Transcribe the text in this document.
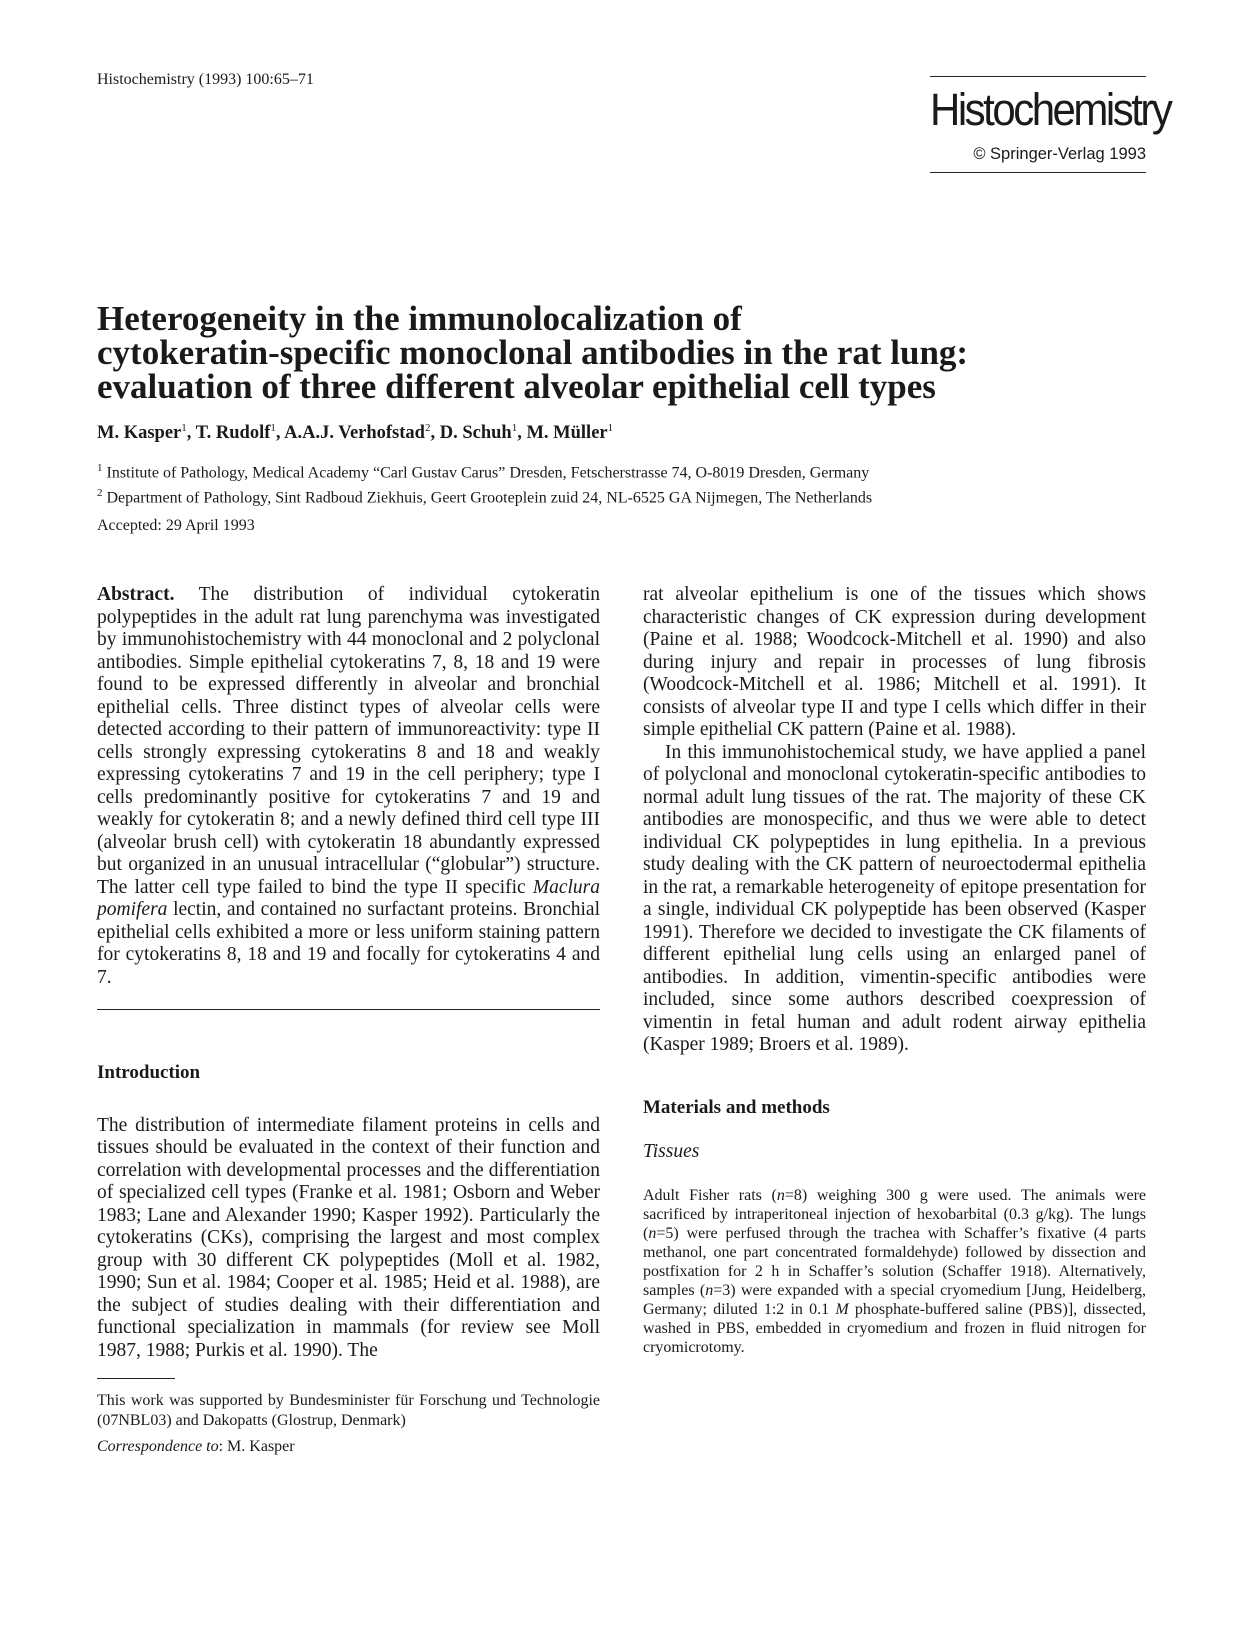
Histochemistry (1993) 100:65–71
Histochemistry
© Springer-Verlag 1993
Heterogeneity in the immunolocalization of
cytokeratin-specific monoclonal antibodies in the rat lung:
evaluation of three different alveolar epithelial cell types
M. Kasper$^1$, T. Rudolf$^1$, A.A.J. Verhofstad$^2$, D. Schuh$^1$, M. Müller$^1$
$^1$ Institute of Pathology, Medical Academy “Carl Gustav Carus” Dresden, Fetscherstrasse 74, O-8019 Dresden, Germany
$^2$ Department of Pathology, Sint Radboud Ziekhuis, Geert Grooteplein zuid 24, NL-6525 GA Nijmegen, The Netherlands
Accepted: 29 April 1993

Abstract. The distribution of individual cytokeratin polypeptides in the adult rat lung parenchyma was investigated by immunohistochemistry with 44 monoclonal and 2 polyclonal antibodies. Simple epithelial cytokeratins 7, 8, 18 and 19 were found to be expressed differently in alveolar and bronchial epithelial cells. Three distinct types of alveolar cells were detected according to their pattern of immunoreactivity: type II cells strongly expressing cytokeratins 8 and 18 and weakly expressing cytokeratins 7 and 19 in the cell periphery; type I cells predominantly positive for cytokeratins 7 and 19 and weakly for cytokeratin 8; and a newly defined third cell type III (alveolar brush cell) with cytokeratin 18 abundantly expressed but organized in an unusual intracellular (“globular”) structure. The latter cell type failed to bind the type II specific Maclura pomifera lectin, and contained no surfactant proteins. Bronchial epithelial cells exhibited a more or less uniform staining pattern for cytokeratins 8, 18 and 19 and focally for cytokeratins 4 and 7.

Introduction

The distribution of intermediate filament proteins in cells and tissues should be evaluated in the context of their function and correlation with developmental processes and the differentiation of specialized cell types (Franke et al. 1981; Osborn and Weber 1983; Lane and Alexander 1990; Kasper 1992). Particularly the cytokeratins (CKs), comprising the largest and most complex group with 30 different CK polypeptides (Moll et al. 1982, 1990; Sun et al. 1984; Cooper et al. 1985; Heid et al. 1988), are the subject of studies dealing with their differentiation and functional specialization in mammals (for review see Moll 1987, 1988; Purkis et al. 1990). The

This work was supported by Bundesminister für Forschung und Technologie (07NBL03) and Dakopatts (Glostrup, Denmark)

Correspondence to: M. Kasper

rat alveolar epithelium is one of the tissues which shows characteristic changes of CK expression during development (Paine et al. 1988; Woodcock-Mitchell et al. 1990) and also during injury and repair in processes of lung fibrosis (Woodcock-Mitchell et al. 1986; Mitchell et al. 1991). It consists of alveolar type II and type I cells which differ in their simple epithelial CK pattern (Paine et al. 1988).

In this immunohistochemical study, we have applied a panel of polyclonal and monoclonal cytokeratin-specific antibodies to normal adult lung tissues of the rat. The majority of these CK antibodies are monospecific, and thus we were able to detect individual CK polypeptides in lung epithelia. In a previous study dealing with the CK pattern of neuroectodermal epithelia in the rat, a remarkable heterogeneity of epitope presentation for a single, individual CK polypeptide has been observed (Kasper 1991). Therefore we decided to investigate the CK filaments of different epithelial lung cells using an enlarged panel of antibodies. In addition, vimentin-specific antibodies were included, since some authors described coexpression of vimentin in fetal human and adult rodent airway epithelia (Kasper 1989; Broers et al. 1989).

Materials and methods

Tissues

Adult Fisher rats (n=8) weighing 300 g were used. The animals were sacrificed by intraperitoneal injection of hexobarbital (0.3 g/kg). The lungs (n=5) were perfused through the trachea with Schaffer’s fixative (4 parts methanol, one part concentrated formaldehyde) followed by dissection and postfixation for 2 h in Schaffer’s solution (Schaffer 1918). Alternatively, samples (n=3) were expanded with a special cryomedium [Jung, Heidelberg, Germany; diluted 1:2 in 0.1 M phosphate-buffered saline (PBS)], dissected, washed in PBS, embedded in cryomedium and frozen in fluid nitrogen for cryomicrotomy.
